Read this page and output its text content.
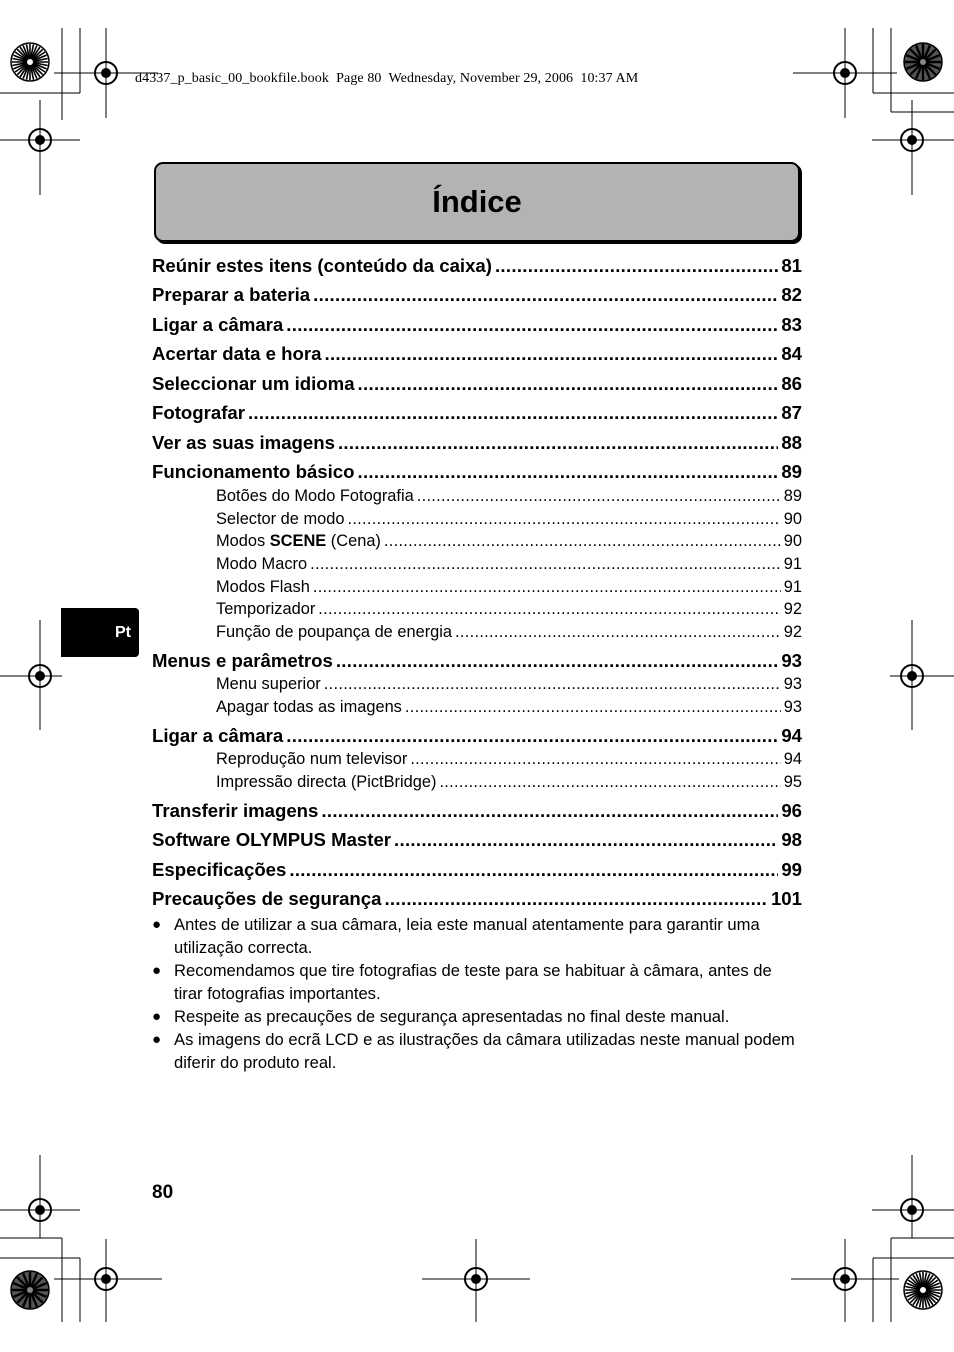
d4337_p_basic_00_bookfile.book  Page 80  Wednesday, November 29, 2006  10:37 AM
Índice
Pt
Reúnir estes itens (conteúdo da caixa) .....	81
Preparar a bateria .....	82
Ligar a câmara .....	83
Acertar data e hora .....	84
Seleccionar um idioma .....	86
Fotografar .....	87
Ver as suas imagens .....	88
Funcionamento básico .....	89
Botões do Modo Fotografia .....	89
Selector de modo .....	90
Modos SCENE (Cena) .....	90
Modo Macro .....	91
Modos Flash .....	91
Temporizador .....	92
Função de poupança de energia .....	92
Menus e parâmetros .....	93
Menu superior .....	93
Apagar todas as imagens .....	93
Ligar a câmara .....	94
Reprodução num televisor .....	94
Impressão directa (PictBridge) .....	95
Transferir imagens .....	96
Software OLYMPUS Master .....	98
Especificações .....	99
Precauções de segurança .....	101
● Antes de utilizar a sua câmara, leia este manual atentamente para garantir uma utilização correcta.
● Recomendamos que tire fotografias de teste para se habituar à câmara, antes de tirar fotografias importantes.
● Respeite as precauções de segurança apresentadas no final deste manual.
● As imagens do ecrã LCD e as ilustrações da câmara utilizadas neste manual podem diferir do produto real.
80
